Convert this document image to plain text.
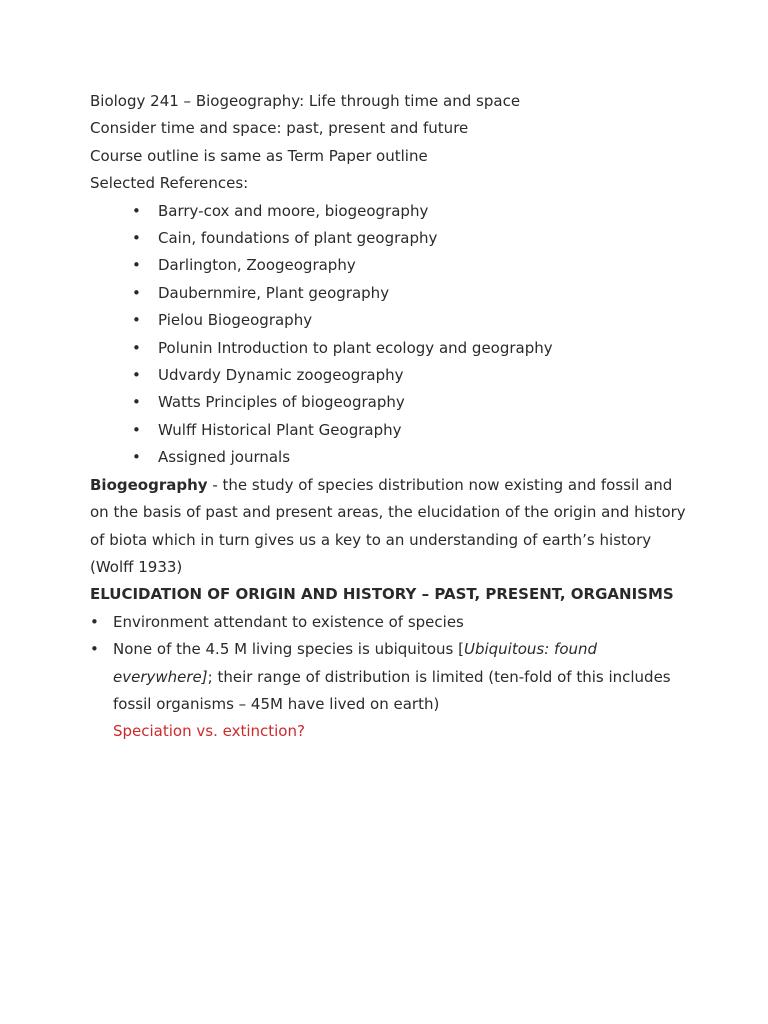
Biology 241 – Biogeography: Life through time and space
Consider time and space: past, present and future
Course outline is same as Term Paper outline
Selected References:
• Barry-cox and moore, biogeography
• Cain, foundations of plant geography
• Darlington, Zoogeography
• Daubernmire, Plant geography
• Pielou Biogeography
• Polunin Introduction to plant ecology and geography
• Udvardy Dynamic zoogeography
• Watts Principles of biogeography
• Wulff Historical Plant Geography
• Assigned journals

Biogeography - the study of species distribution now existing and fossil and on the basis of past and present areas, the elucidation of the origin and history of biota which in turn gives us a key to an understanding of earth’s history (Wolff 1933)

ELUCIDATION OF ORIGIN AND HISTORY – PAST, PRESENT, ORGANISMS

• Environment attendant to existence of species
• None of the 4.5 M living species is ubiquitous [Ubiquitous: found everywhere]; their range of distribution is limited (ten-fold of this includes fossil organisms – 45M have lived on earth)
Speciation vs. extinction?
